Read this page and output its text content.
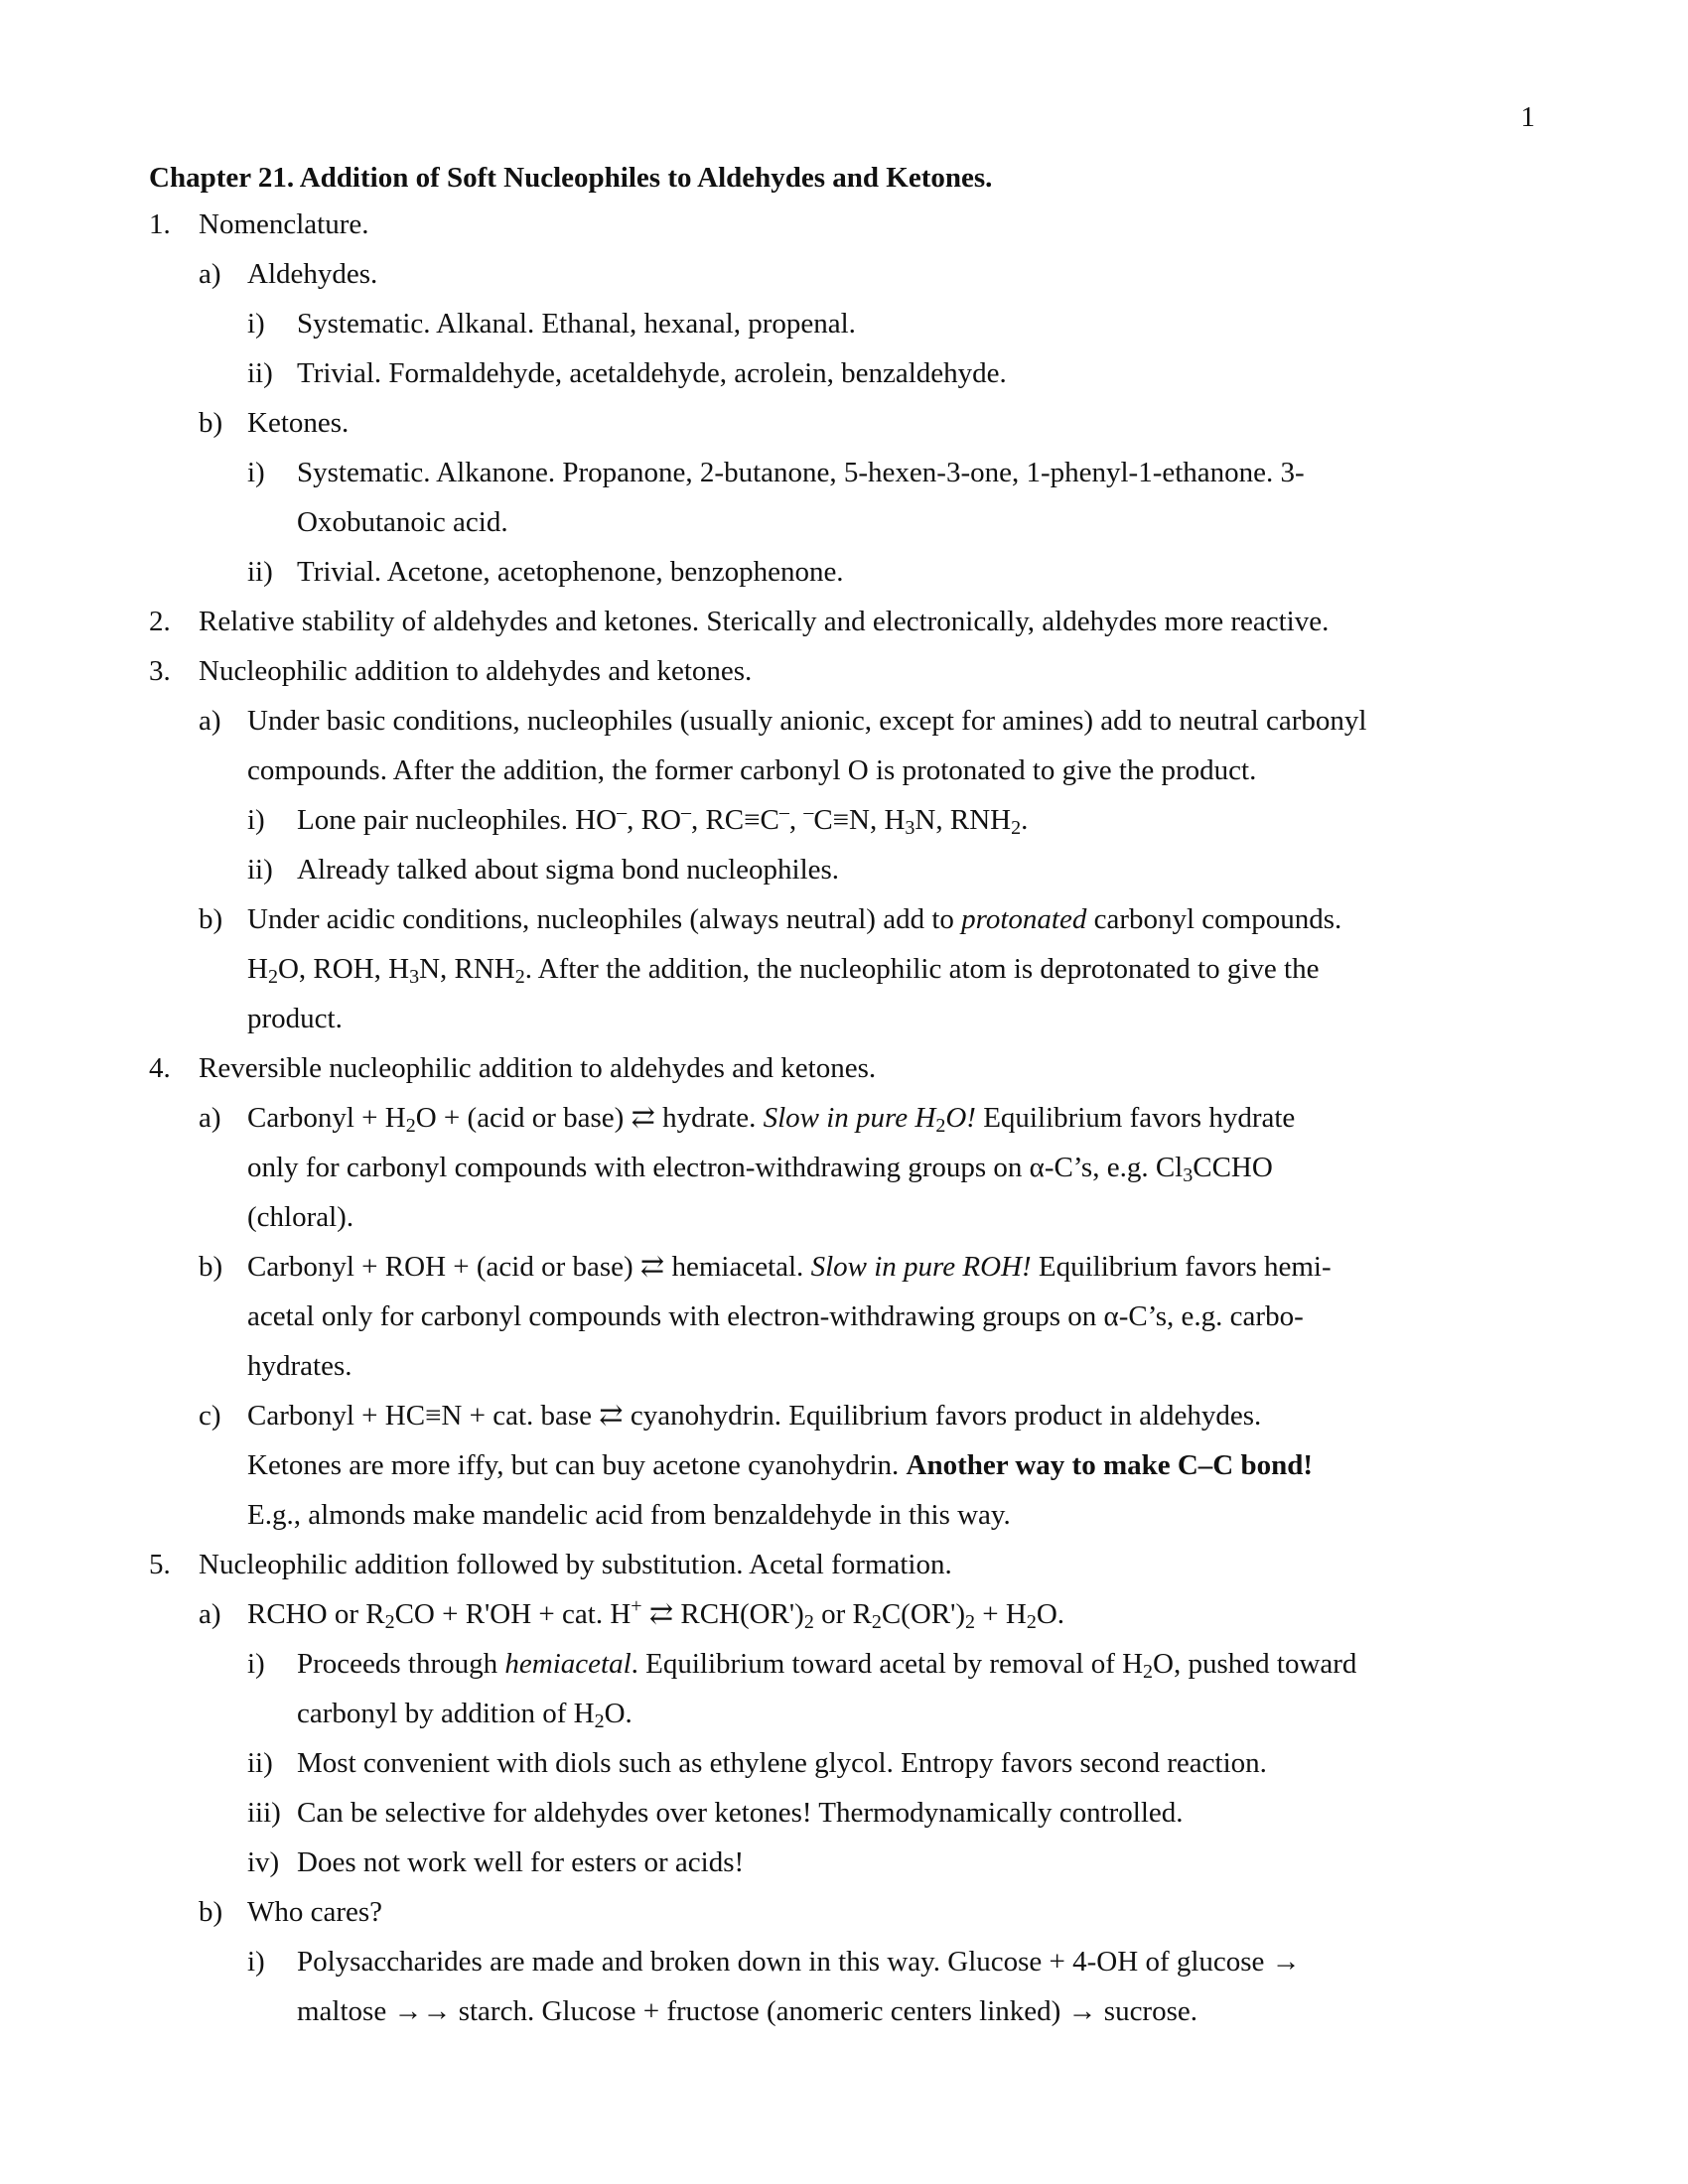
1
Chapter 21. Addition of Soft Nucleophiles to Aldehydes and Ketones.
1. Nomenclature.
a) Aldehydes.
i) Systematic. Alkanal. Ethanal, hexanal, propenal.
ii) Trivial. Formaldehyde, acetaldehyde, acrolein, benzaldehyde.
b) Ketones.
i) Systematic. Alkanone. Propanone, 2-butanone, 5-hexen-3-one, 1-phenyl-1-ethanone. 3-
Oxobutanoic acid.
ii) Trivial. Acetone, acetophenone, benzophenone.
2. Relative stability of aldehydes and ketones. Sterically and electronically, aldehydes more reactive.
3. Nucleophilic addition to aldehydes and ketones.
a) Under basic conditions, nucleophiles (usually anionic, except for amines) add to neutral carbonyl
compounds. After the addition, the former carbonyl O is protonated to give the product.
i) Lone pair nucleophiles. HO–, RO–, RC≡C–, –C≡N, $H_3N$, $RNH_2$.
ii) Already talked about sigma bond nucleophiles.
b) Under acidic conditions, nucleophiles (always neutral) add to protonated carbonyl compounds.
$H_2O$, ROH, $H_3N$, $RNH_2$. After the addition, the nucleophilic atom is deprotonated to give the
product.
4. Reversible nucleophilic addition to aldehydes and ketones.
a) Carbonyl + $H_2O$ + (acid or base) ⇄ hydrate. Slow in pure $H_2O$! Equilibrium favors hydrate
only for carbonyl compounds with electron-withdrawing groups on α-C’s, e.g. $Cl_3CCHO$
(chloral).
b) Carbonyl + ROH + (acid or base) ⇄ hemiacetal. Slow in pure ROH! Equilibrium favors hemi-
acetal only for carbonyl compounds with electron-withdrawing groups on α-C’s, e.g. carbo-
hydrates.
c) Carbonyl + HC≡N + cat. base ⇄ cyanohydrin. Equilibrium favors product in aldehydes.
Ketones are more iffy, but can buy acetone cyanohydrin. Another way to make C–C bond!
E.g., almonds make mandelic acid from benzaldehyde in this way.
5. Nucleophilic addition followed by substitution. Acetal formation.
a) RCHO or $R_2CO + R'OH$ + cat. H+ ⇄ $RCH(OR')_2$ or $R_2C(OR')_2 + H_2O$.
i) Proceeds through hemiacetal. Equilibrium toward acetal by removal of $H_2O$, pushed toward
carbonyl by addition of $H_2O$.
ii) Most convenient with diols such as ethylene glycol. Entropy favors second reaction.
iii) Can be selective for aldehydes over ketones! Thermodynamically controlled.
iv) Does not work well for esters or acids!
b) Who cares?
i) Polysaccharides are made and broken down in this way. Glucose + 4-OH of glucose →
maltose →→ starch. Glucose + fructose (anomeric centers linked) → sucrose.
